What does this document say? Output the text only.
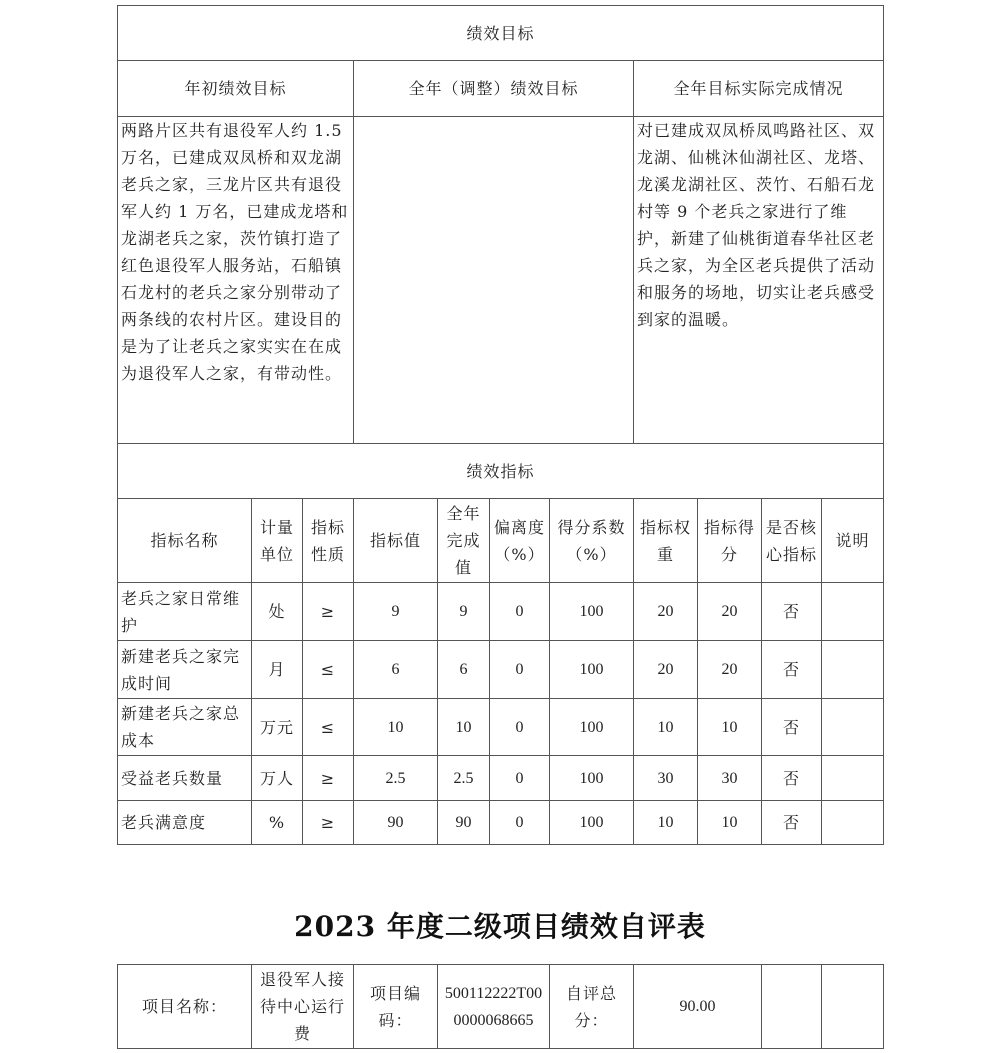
绩效目标										
年初绩效目标			全年（调整）绩效目标				全年目标实际完成情况			
两路片区共有退役军人约 1.5 万名，已建成双凤桥和双龙湖老兵之家，三龙片区共有退役军人约 1 万名，已建成龙塔和龙湖老兵之家，茨竹镇打造了红色退役军人服务站，石船镇石龙村的老兵之家分别带动了两条线的农村片区。建设目的是为了让老兵之家实实在在成为退役军人之家，有带动性。							对已建成双凤桥凤鸣路社区、双龙湖、仙桃沐仙湖社区、龙塔、龙溪龙湖社区、茨竹、石船石龙村等 9 个老兵之家进行了维护，新建了仙桃街道春华社区老兵之家，为全区老兵提供了活动和服务的场地，切实让老兵感受到家的温暖。			
绩效指标										
指标名称	计量单位	指标性质	指标值	全年完成值	偏离度（%）	得分系数（%）	指标权重	指标得分	是否核心指标	说明
老兵之家日常维护	处	≥	9	9	0	100	20	20	否	
新建老兵之家完成时间	月	≤	6	6	0	100	20	20	否	
新建老兵之家总成本	万元	≤	10	10	0	100	10	10	否	
受益老兵数量	万人	≥	2.5	2.5	0	100	30	30	否	
老兵满意度	%	≥	90	90	0	100	10	10	否	
2023 年度二级项目绩效自评表
项目名称：	退役军人接待中心运行费	项目编码：	500112222T000000068665	自评总分：	90.00		
